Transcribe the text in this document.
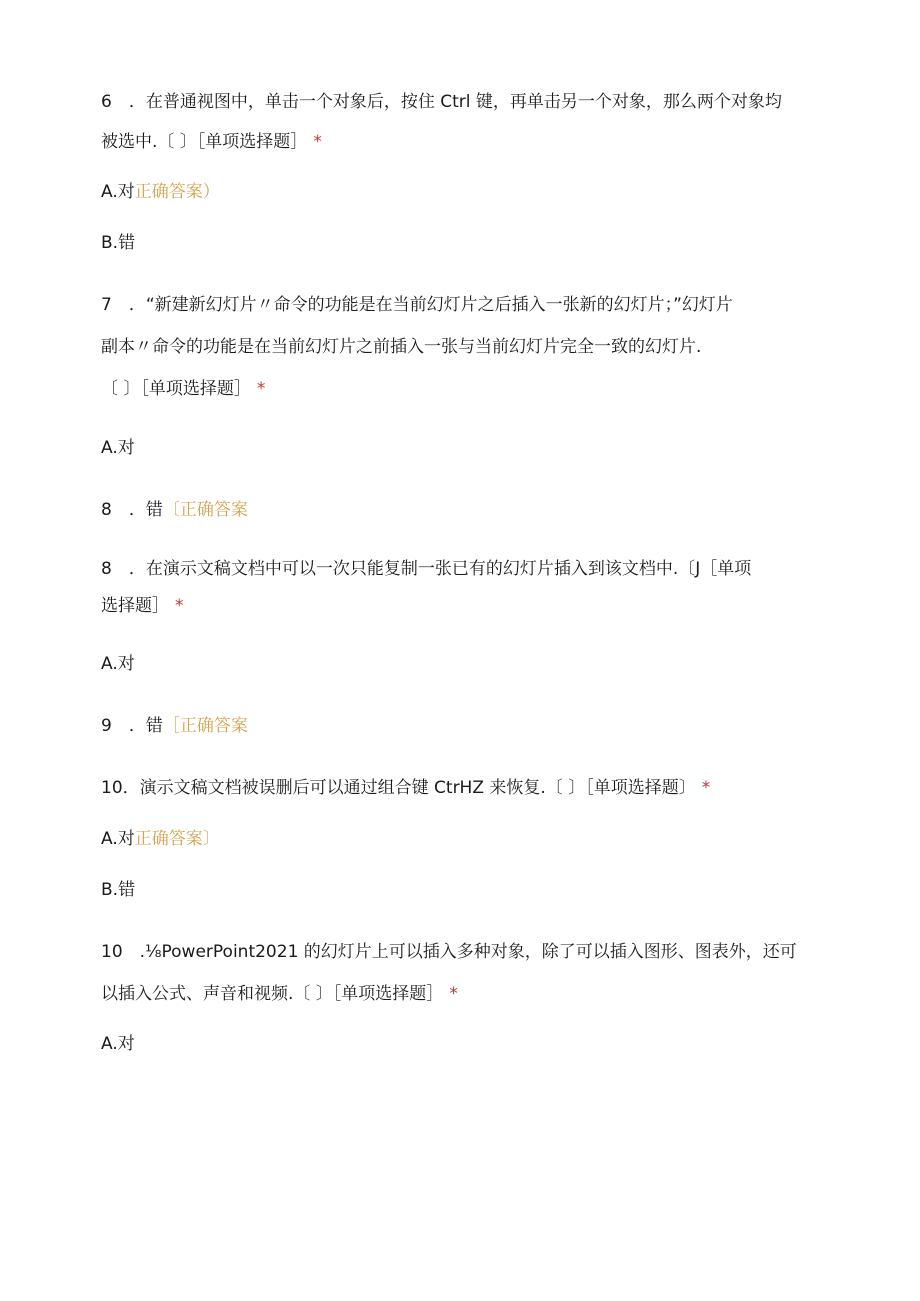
6　．在普通视图中，单击一个对象后，按住 Ctrl 键，再单击另一个对象，那么两个对象均
被选中.〔 〕［单项选择题］ *
A.对正确答案）
B.错
7　．“新建新幻灯片〃命令的功能是在当前幻灯片之后插入一张新的幻灯片；”幻灯片
副本〃命令的功能是在当前幻灯片之前插入一张与当前幻灯片完全一致的幻灯片.
〔 〕［单项选择题］ *
A.对
8　．错〔正确答案
8　．在演示文稿文档中可以一次只能复制一张已有的幻灯片插入到该文档中.〔J［单项
选择题］ *
A.对
9　．错［正确答案
10．演示文稿文档被误删后可以通过组合键 CtrHZ 来恢复.〔 〕［单项选择题〕 *
A.对正确答案〕
B.错
10　.⅛PowerPoint2021 的幻灯片上可以插入多种对象，除了可以插入图形、图表外，还可
以插入公式、声音和视频.〔 〕［单项选择题］ *
A.对
